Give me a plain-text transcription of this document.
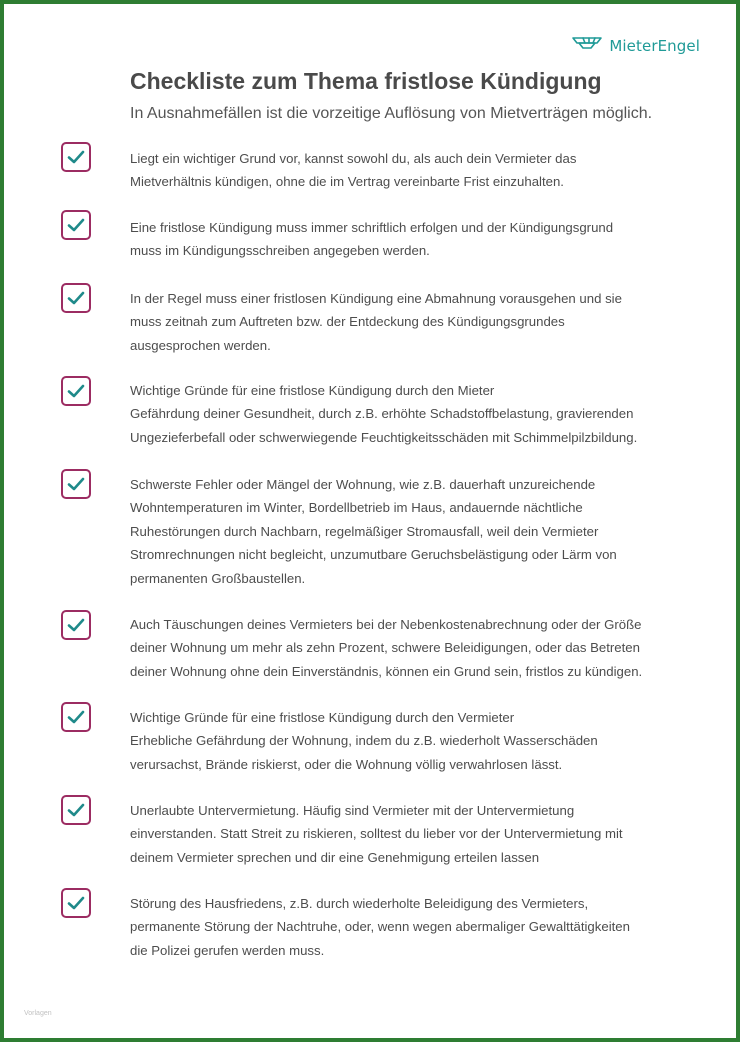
MieterEngel
Checkliste zum Thema fristlose Kündigung

In Ausnahmefällen ist die vorzeitige Auflösung von Mietverträgen möglich.

Liegt ein wichtiger Grund vor, kannst sowohl du, als auch dein Vermieter das
Mietverhältnis kündigen, ohne die im Vertrag vereinbarte Frist einzuhalten.

Eine fristlose Kündigung muss immer schriftlich erfolgen und der Kündigungsgrund
muss im Kündigungsschreiben angegeben werden.

In der Regel muss einer fristlosen Kündigung eine Abmahnung vorausgehen und sie
muss zeitnah zum Auftreten bzw. der Entdeckung des Kündigungsgrundes
ausgesprochen werden.

Wichtige Gründe für eine fristlose Kündigung durch den Mieter
Gefährdung deiner Gesundheit, durch z.B. erhöhte Schadstoffbelastung, gravierenden
Ungezieferbefall oder schwerwiegende Feuchtigkeitsschäden mit Schimmelpilzbildung.

Schwerste Fehler oder Mängel der Wohnung, wie z.B. dauerhaft unzureichende
Wohntemperaturen im Winter, Bordellbetrieb im Haus, andauernde nächtliche
Ruhestörungen durch Nachbarn, regelmäßiger Stromausfall, weil dein Vermieter
Stromrechnungen nicht begleicht, unzumutbare Geruchsbelästigung oder Lärm von
permanenten Großbaustellen.

Auch Täuschungen deines Vermieters bei der Nebenkostenabrechnung oder der Größe
deiner Wohnung um mehr als zehn Prozent, schwere Beleidigungen, oder das Betreten
deiner Wohnung ohne dein Einverständnis, können ein Grund sein, fristlos zu kündigen.

Wichtige Gründe für eine fristlose Kündigung durch den Vermieter
Erhebliche Gefährdung der Wohnung, indem du z.B. wiederholt Wasserschäden
verursachst, Brände riskierst, oder die Wohnung völlig verwahrlosen lässt.

Unerlaubte Untervermietung. Häufig sind Vermieter mit der Untervermietung
einverstanden. Statt Streit zu riskieren, solltest du lieber vor der Untervermietung mit
deinem Vermieter sprechen und dir eine Genehmigung erteilen lassen

Störung des Hausfriedens, z.B. durch wiederholte Beleidigung des Vermieters,
permanente Störung der Nachtruhe, oder, wenn wegen abermaliger Gewalttätigkeiten
die Polizei gerufen werden muss.

Vorlagen
